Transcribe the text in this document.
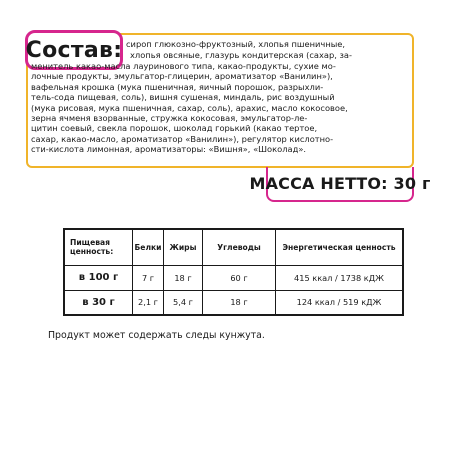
Состав: сироп глюкозно-фруктозный, хлопья пшеничные,
хлопья овсяные, глазурь кондитерская (сахар, за-
менитель какао-масла лауринового типа, какао-продукты, сухие мо-
лочные продукты, эмульгатор-глицерин, ароматизатор «Ванилин»),
вафельная крошка (мука пшеничная, яичный порошок, разрыхли-
тель-сода пищевая, соль), вишня сушеная, миндаль, рис воздушный
(мука рисовая, мука пшеничная, сахар, соль), арахис, масло кокосовое,
зерна ячменя взорванные, стружка кокосовая, эмульгатор-ле-
цитин соевый, свекла порошок, шоколад горький (какао тертое,
сахар, какао-масло, ароматизатор «Ванилин»), регулятор кислотно-
сти-кислота лимонная, ароматизаторы: «Вишня», «Шоколад».
МАССА НЕТТО: 30 г
Пищевая ценность:	Белки	Жиры	Углеводы	Энергетическая ценность
в 100 г	7 г	18 г	60 г	415 ккал / 1738 кДЖ
в 30 г	2,1 г	5,4 г	18 г	124 ккал / 519 кДЖ
Продукт может содержать следы кунжута.
